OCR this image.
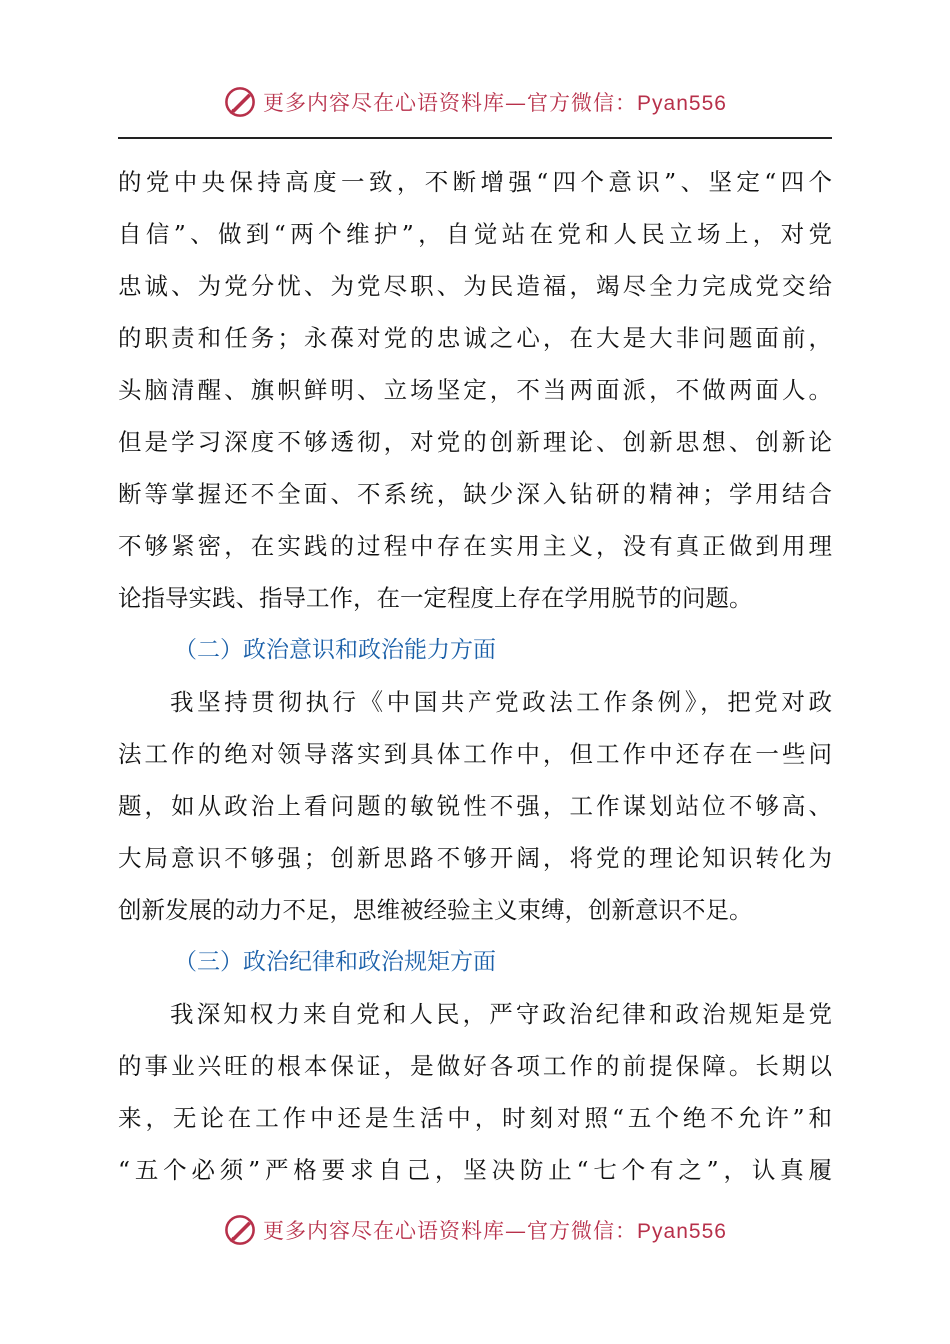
更多内容尽在心语资料库—官方微信：Pyan556
的党中央保持高度一致，不断增强“四个意识”、坚定“四个
自信”、做到“两个维护”，自觉站在党和人民立场上，对党
忠诚、为党分忧、为党尽职、为民造福，竭尽全力完成党交给
的职责和任务；永葆对党的忠诚之心，在大是大非问题面前，
头脑清醒、旗帜鲜明、立场坚定，不当两面派，不做两面人。
但是学习深度不够透彻，对党的创新理论、创新思想、创新论
断等掌握还不全面、不系统，缺少深入钻研的精神；学用结合
不够紧密，在实践的过程中存在实用主义，没有真正做到用理
论指导实践、指导工作，在一定程度上存在学用脱节的问题。
（二）政治意识和政治能力方面
我坚持贯彻执行《中国共产党政法工作条例》，把党对政
法工作的绝对领导落实到具体工作中，但工作中还存在一些问
题，如从政治上看问题的敏锐性不强，工作谋划站位不够高、
大局意识不够强；创新思路不够开阔，将党的理论知识转化为
创新发展的动力不足，思维被经验主义束缚，创新意识不足。
（三）政治纪律和政治规矩方面
我深知权力来自党和人民，严守政治纪律和政治规矩是党
的事业兴旺的根本保证，是做好各项工作的前提保障。长期以
来，无论在工作中还是生活中，时刻对照“五个绝不允许”和
“五个必须”严格要求自己，坚决防止“七个有之”，认真履
更多内容尽在心语资料库—官方微信：Pyan556
